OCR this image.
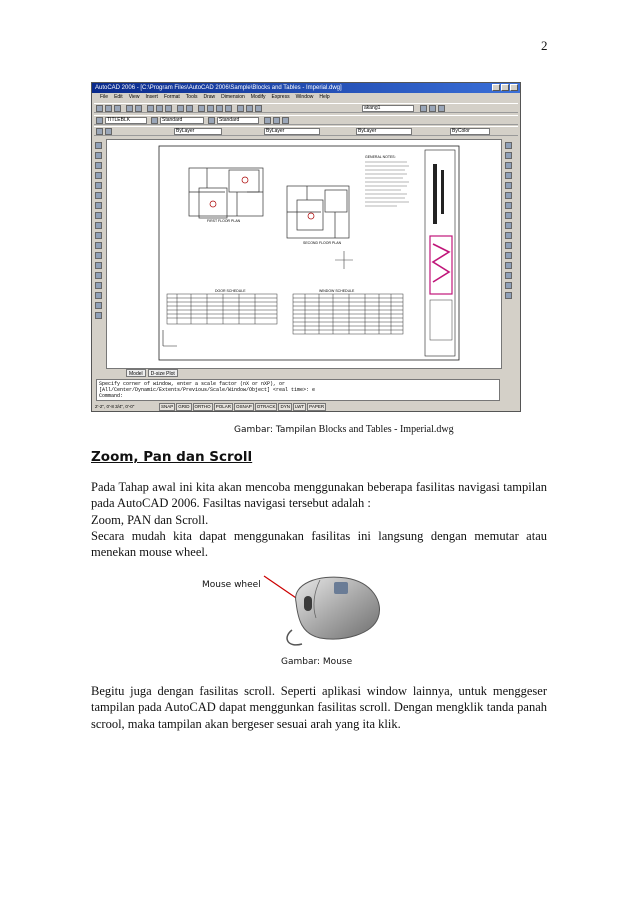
2
AutoCAD 2006 - [C:\Program Files\AutoCAD 2006\Sample\Blocks and Tables - Imperial.dwg]
File Edit View Insert Format Tools Draw Dimension Modify Express Window Help
akang1
TITLEBLK	Standard	Standard
ByLayer	ByLayer	ByLayer	ByColor
FIRST FLOOR PLAN
SECOND FLOOR PLAN
GENERAL NOTES:
DOOR SCHEDULE	WINDOW SCHEDULE
Model	D-size Plot
Specify corner of window, enter a scale factor (nX or nXP), or
[All/Center/Dynamic/Extents/Previous/Scale/Window/Object] <real time>: e
Command:
2'-2", 0'-8 3/4", 0'-0"	SNAP	GRID	ORTHO	POLAR	OSNAP	OTRACK	DYN	LWT	PAPER
Gambar: Tampilan Blocks and Tables - Imperial.dwg
Zoom, Pan dan Scroll

Pada Tahap awal ini kita akan mencoba menggunakan beberapa fasilitas navigasi tampilan pada AutoCAD 2006. Fasiltas navigasi tersebut adalah :

Zoom, PAN dan Scroll.

Secara mudah kita dapat menggunakan fasilitas ini langsung dengan memutar atau menekan mouse wheel.

Mouse wheel
Gambar: Mouse

Begitu juga dengan fasilitas scroll. Seperti aplikasi window lainnya, untuk menggeser tampilan pada AutoCAD dapat menggunkan fasilitas scroll. Dengan mengklik tanda panah scrool, maka tampilan akan bergeser sesuai arah yang ita klik.
